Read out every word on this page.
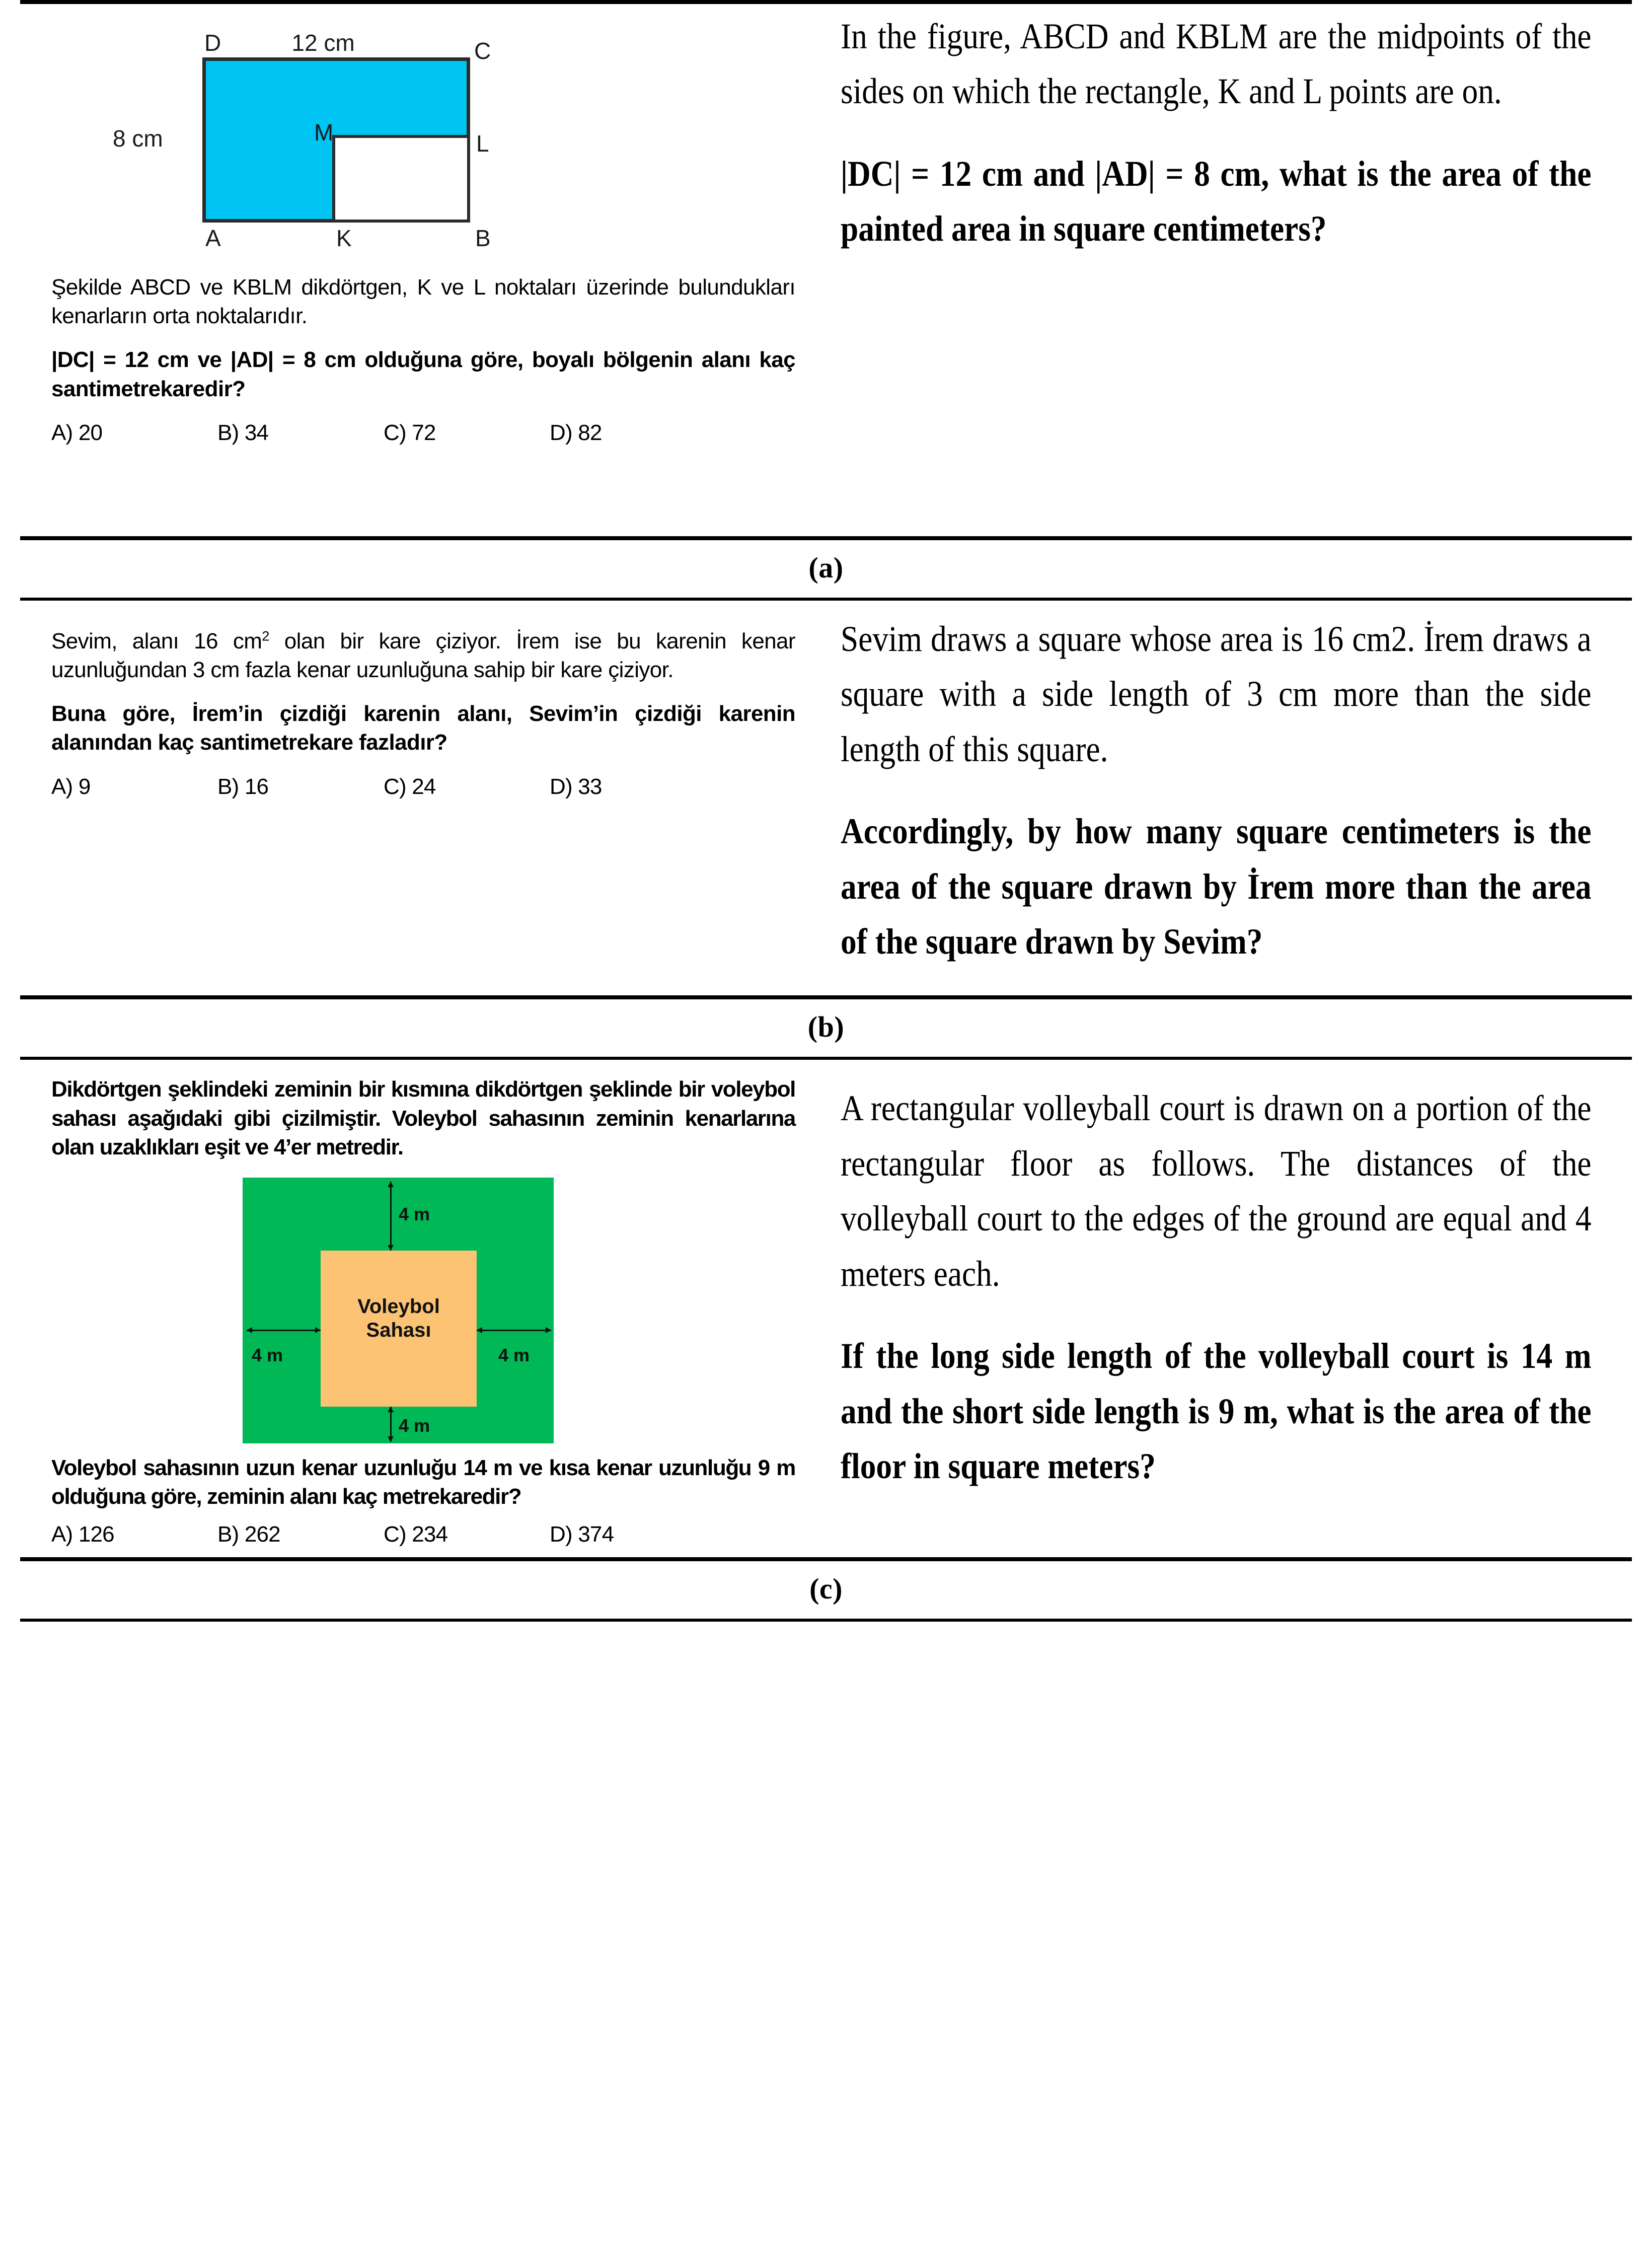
D	C
A	B
K
L
M
12 cm
8 cm
Şekilde ABCD ve KBLM dikdörtgen, K ve L noktaları üzerinde bulundukları kenarların orta noktalarıdır.
|DC| = 12 cm ve |AD| = 8 cm olduğuna göre, boyalı bölgenin alanı kaç santimetrekaredir?
A) 20	B) 34	C) 72	D) 82
In the figure, ABCD and KBLM are the midpoints of the sides on which the rectangle, K and L points are on.
|DC| = 12 cm and |AD| = 8 cm, what is the area of the painted area in square centimeters?
(a)
Sevim, alanı 16 $cm^2$ olan bir kare çiziyor. İrem ise bu karenin kenar uzunluğundan 3 cm fazla kenar uzunluğuna sahip bir kare çiziyor.
Buna göre, İrem’in çizdiği karenin alanı, Sevim’in çizdiği karenin alanından kaç santimetrekare fazladır?
A) 9	B) 16	C) 24	D) 33
Sevim draws a square whose area is 16 cm2. İrem draws a square with a side length of 3 cm more than the side length of this square.
Accordingly, by how many square centimeters is the area of the square drawn by İrem more than the area of the square drawn by Sevim?
(b)
Dikdörtgen şeklindeki zeminin bir kısmına dikdörtgen şeklinde bir voleybol sahası aşağıdaki gibi çizilmiştir. Voleybol sahasının zeminin kenarlarına olan uzaklıkları eşit ve 4’er metredir.
Voleybol
Sahası
4 m
4 m
4 m	4 m
Voleybol sahasının uzun kenar uzunluğu 14 m ve kısa kenar uzunluğu 9 m olduğuna göre, zeminin alanı kaç metrekaredir?
A) 126	B) 262	C) 234	D) 374
A rectangular volleyball court is drawn on a portion of the rectangular floor as follows. The distances of the volleyball court to the edges of the ground are equal and 4 meters each.
If the long side length of the volleyball court is 14 m and the short side length is 9 m, what is the area of the floor in square meters?
(c)
